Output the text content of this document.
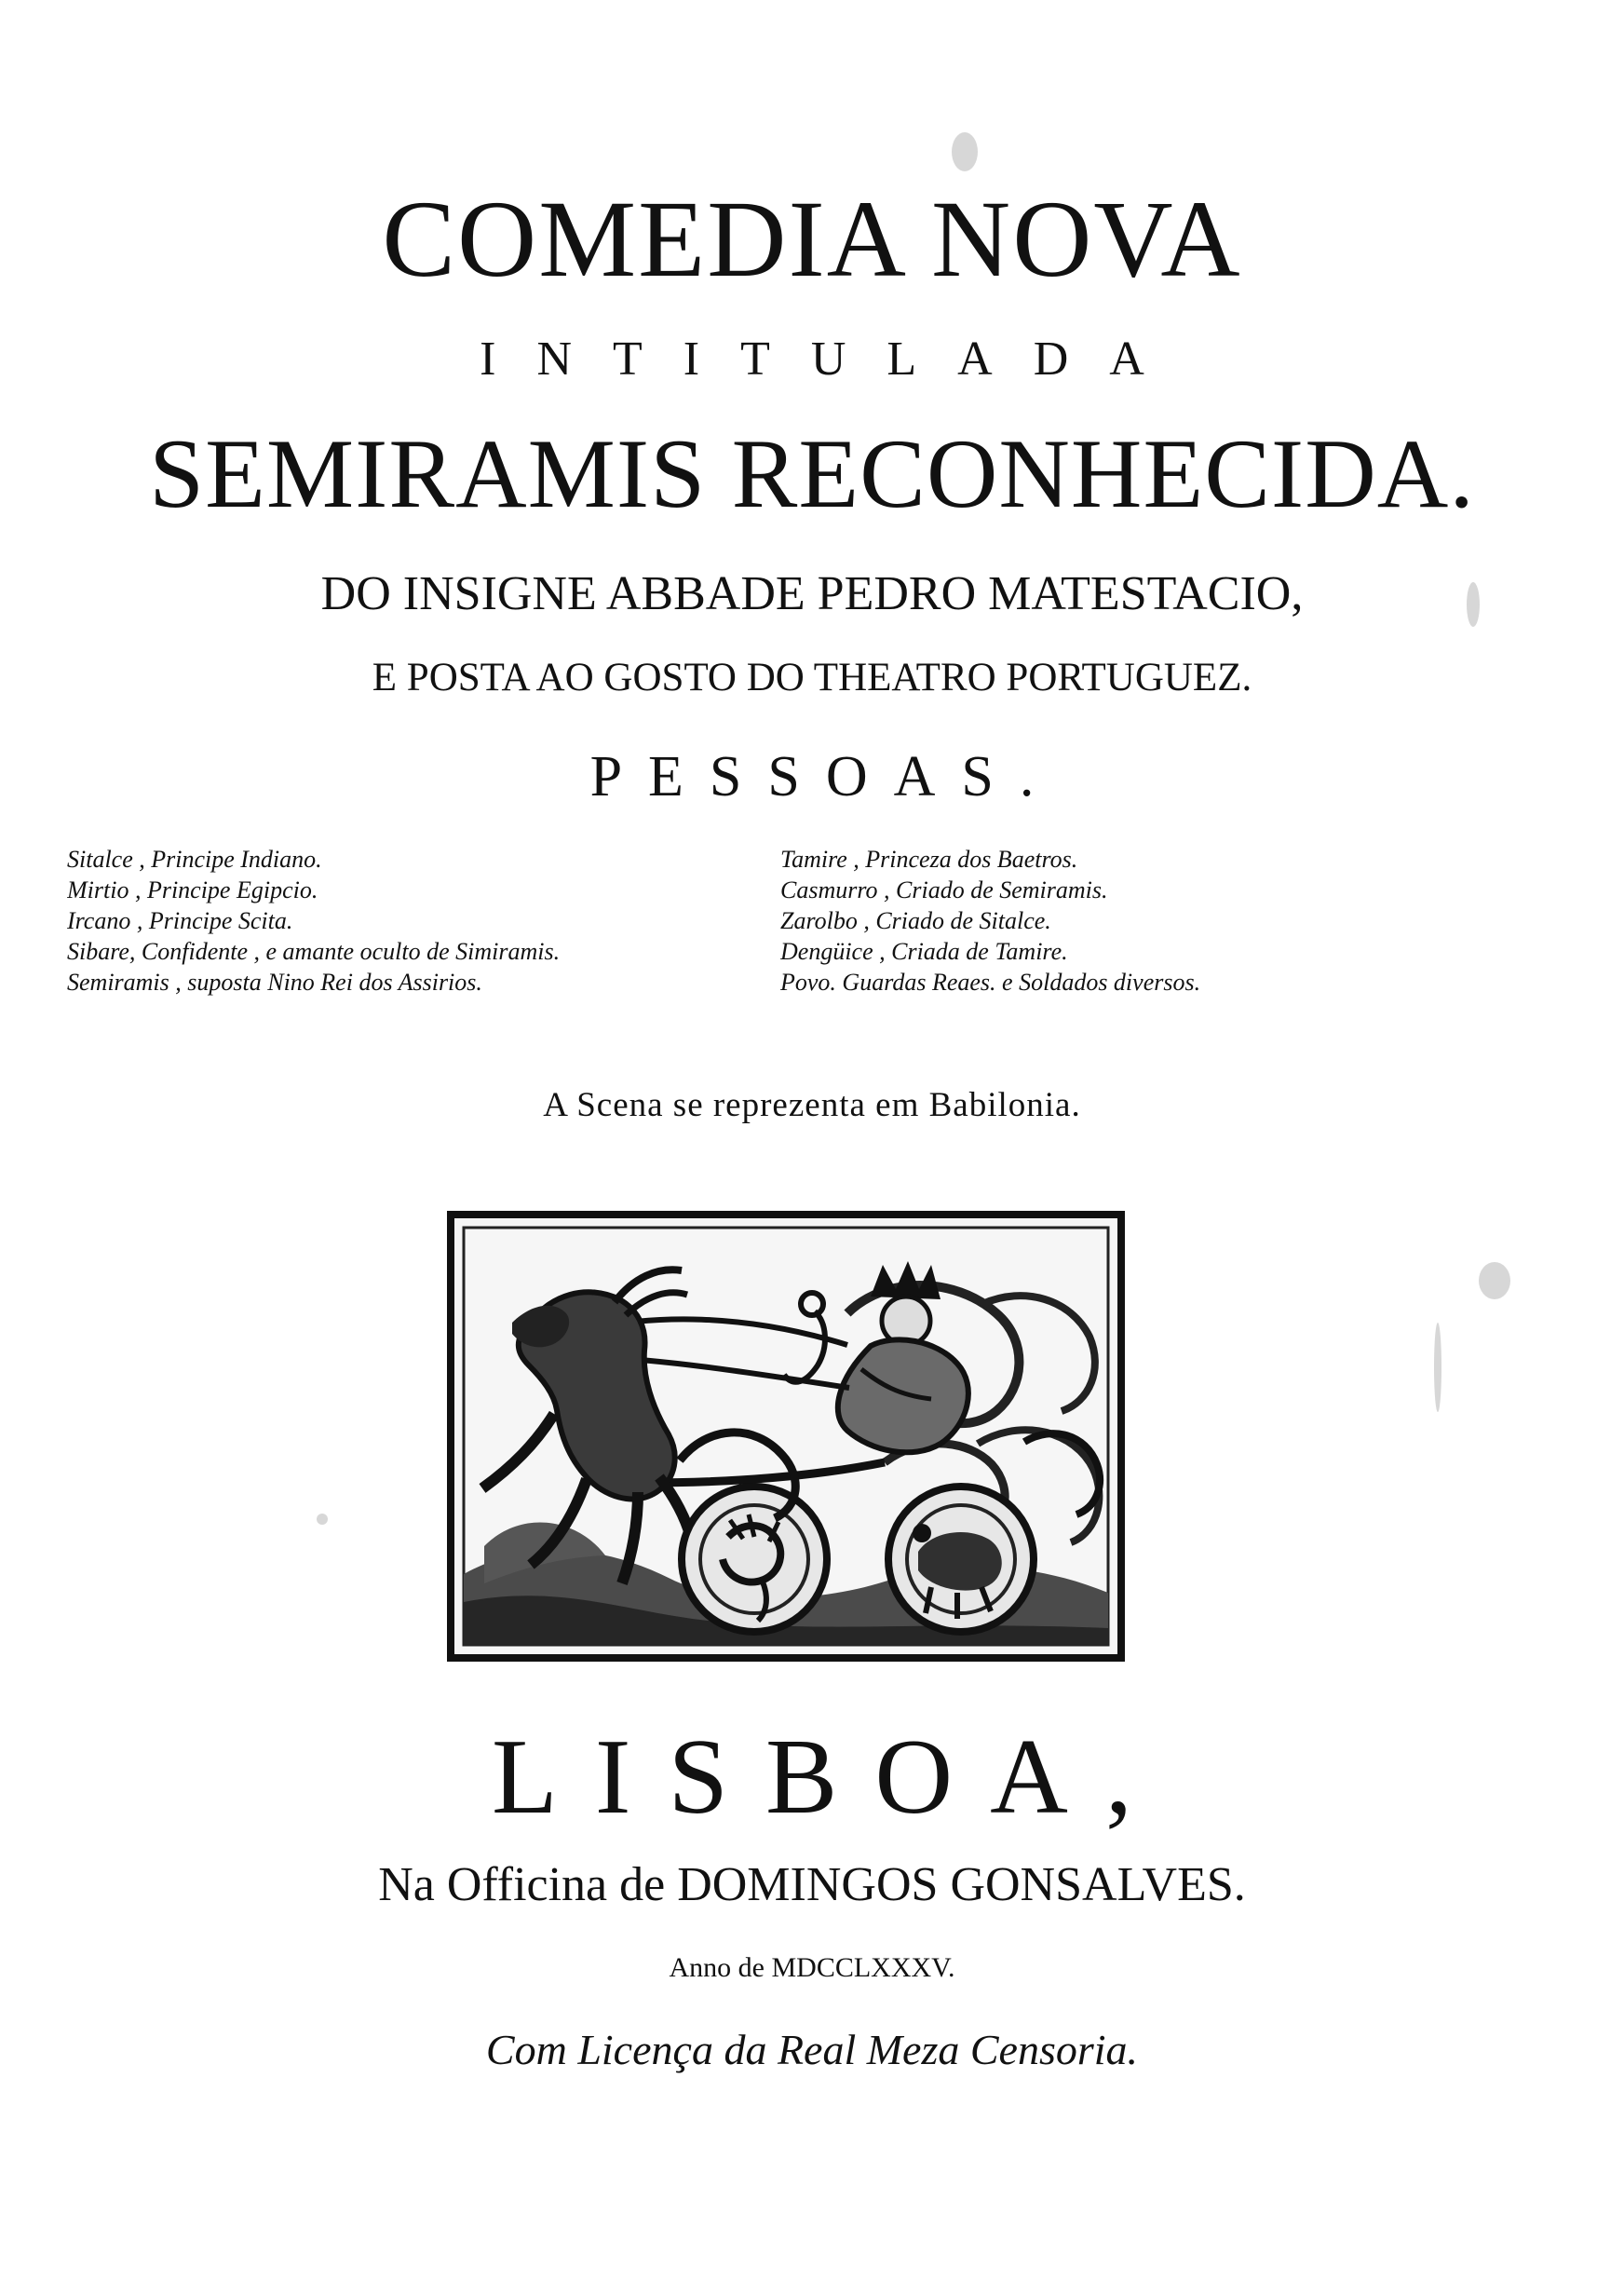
COMEDIA NOVA
INTITULADA
SEMIRAMIS RECONHECIDA.
DO INSIGNE ABBADE PEDRO MATESTACIO,
E POSTA AO GOSTO DO THEATRO PORTUGUEZ.
PESSOAS.
Sitalce , Principe Indiano.
Mirtio , Principe Egipcio.
Ircano , Principe Scita.
Sibare, Confidente , e amante oculto de Simiramis.
Semiramis , suposta Nino Rei dos Assirios.
Tamire , Princeza dos Baetros.
Casmurro , Criado de Semiramis.
Zarolbo , Criado de Sitalce.
Dengüice , Criada de Tamire.
Povo. Guardas Reaes. e Soldados diversos.
A Scena se reprezenta em Babilonia.
LISBOA,
Na Officina de DOMINGOS GONSALVES.
Anno de MDCCLXXXV.
Com Licença da Real Meza Censoria.
